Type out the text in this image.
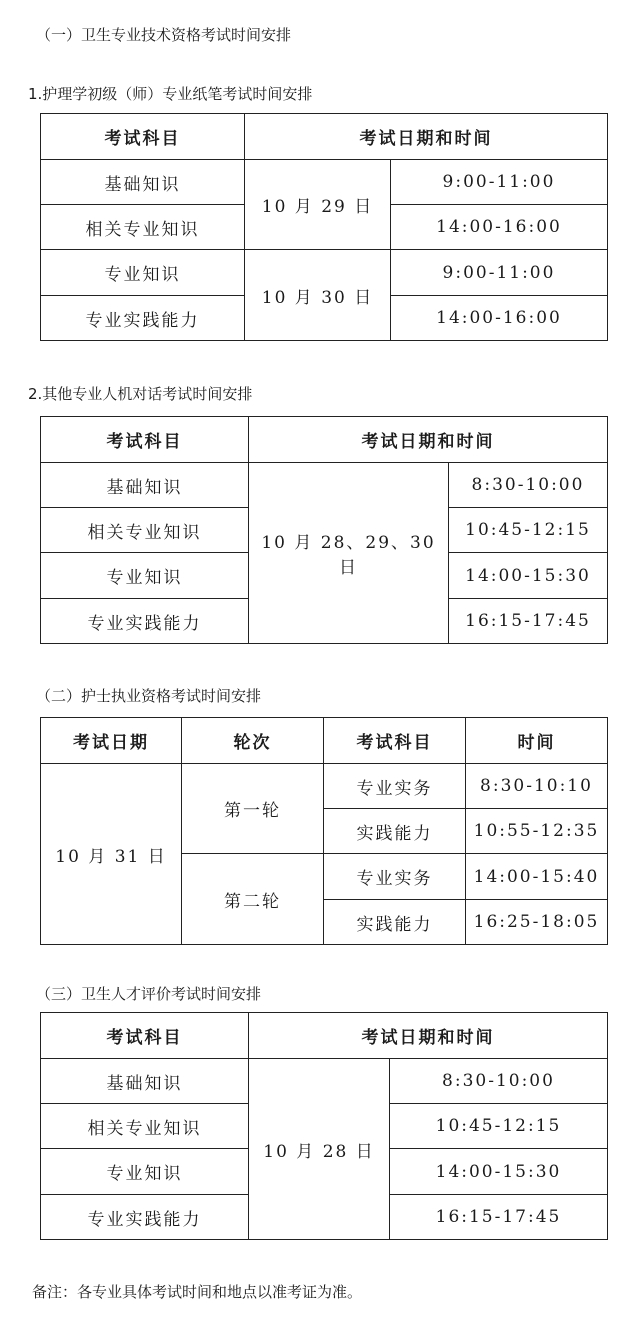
（一）卫生专业技术资格考试时间安排
1.护理学初级（师）专业纸笔考试时间安排
考试科目	考试日期和时间	
基础知识	10 月 29 日	9:00-11:00
相关专业知识		14:00-16:00
专业知识	10 月 30 日	9:00-11:00
专业实践能力		14:00-16:00
2.其他专业人机对话考试时间安排
考试科目	考试日期和时间	
基础知识	10 月 28、29、30 日	8:30-10:00
相关专业知识		10:45-12:15
专业知识		14:00-15:30
专业实践能力		16:15-17:45
（二）护士执业资格考试时间安排
考试日期	轮次	考试科目	时间
10 月 31 日	第一轮	专业实务	8:30-10:10
		实践能力	10:55-12:35
	第二轮	专业实务	14:00-15:40
		实践能力	16:25-18:05
（三）卫生人才评价考试时间安排
考试科目	考试日期和时间	
基础知识	10 月 28 日	8:30-10:00
相关专业知识		10:45-12:15
专业知识		14:00-15:30
专业实践能力		16:15-17:45
备注：各专业具体考试时间和地点以准考证为准。
